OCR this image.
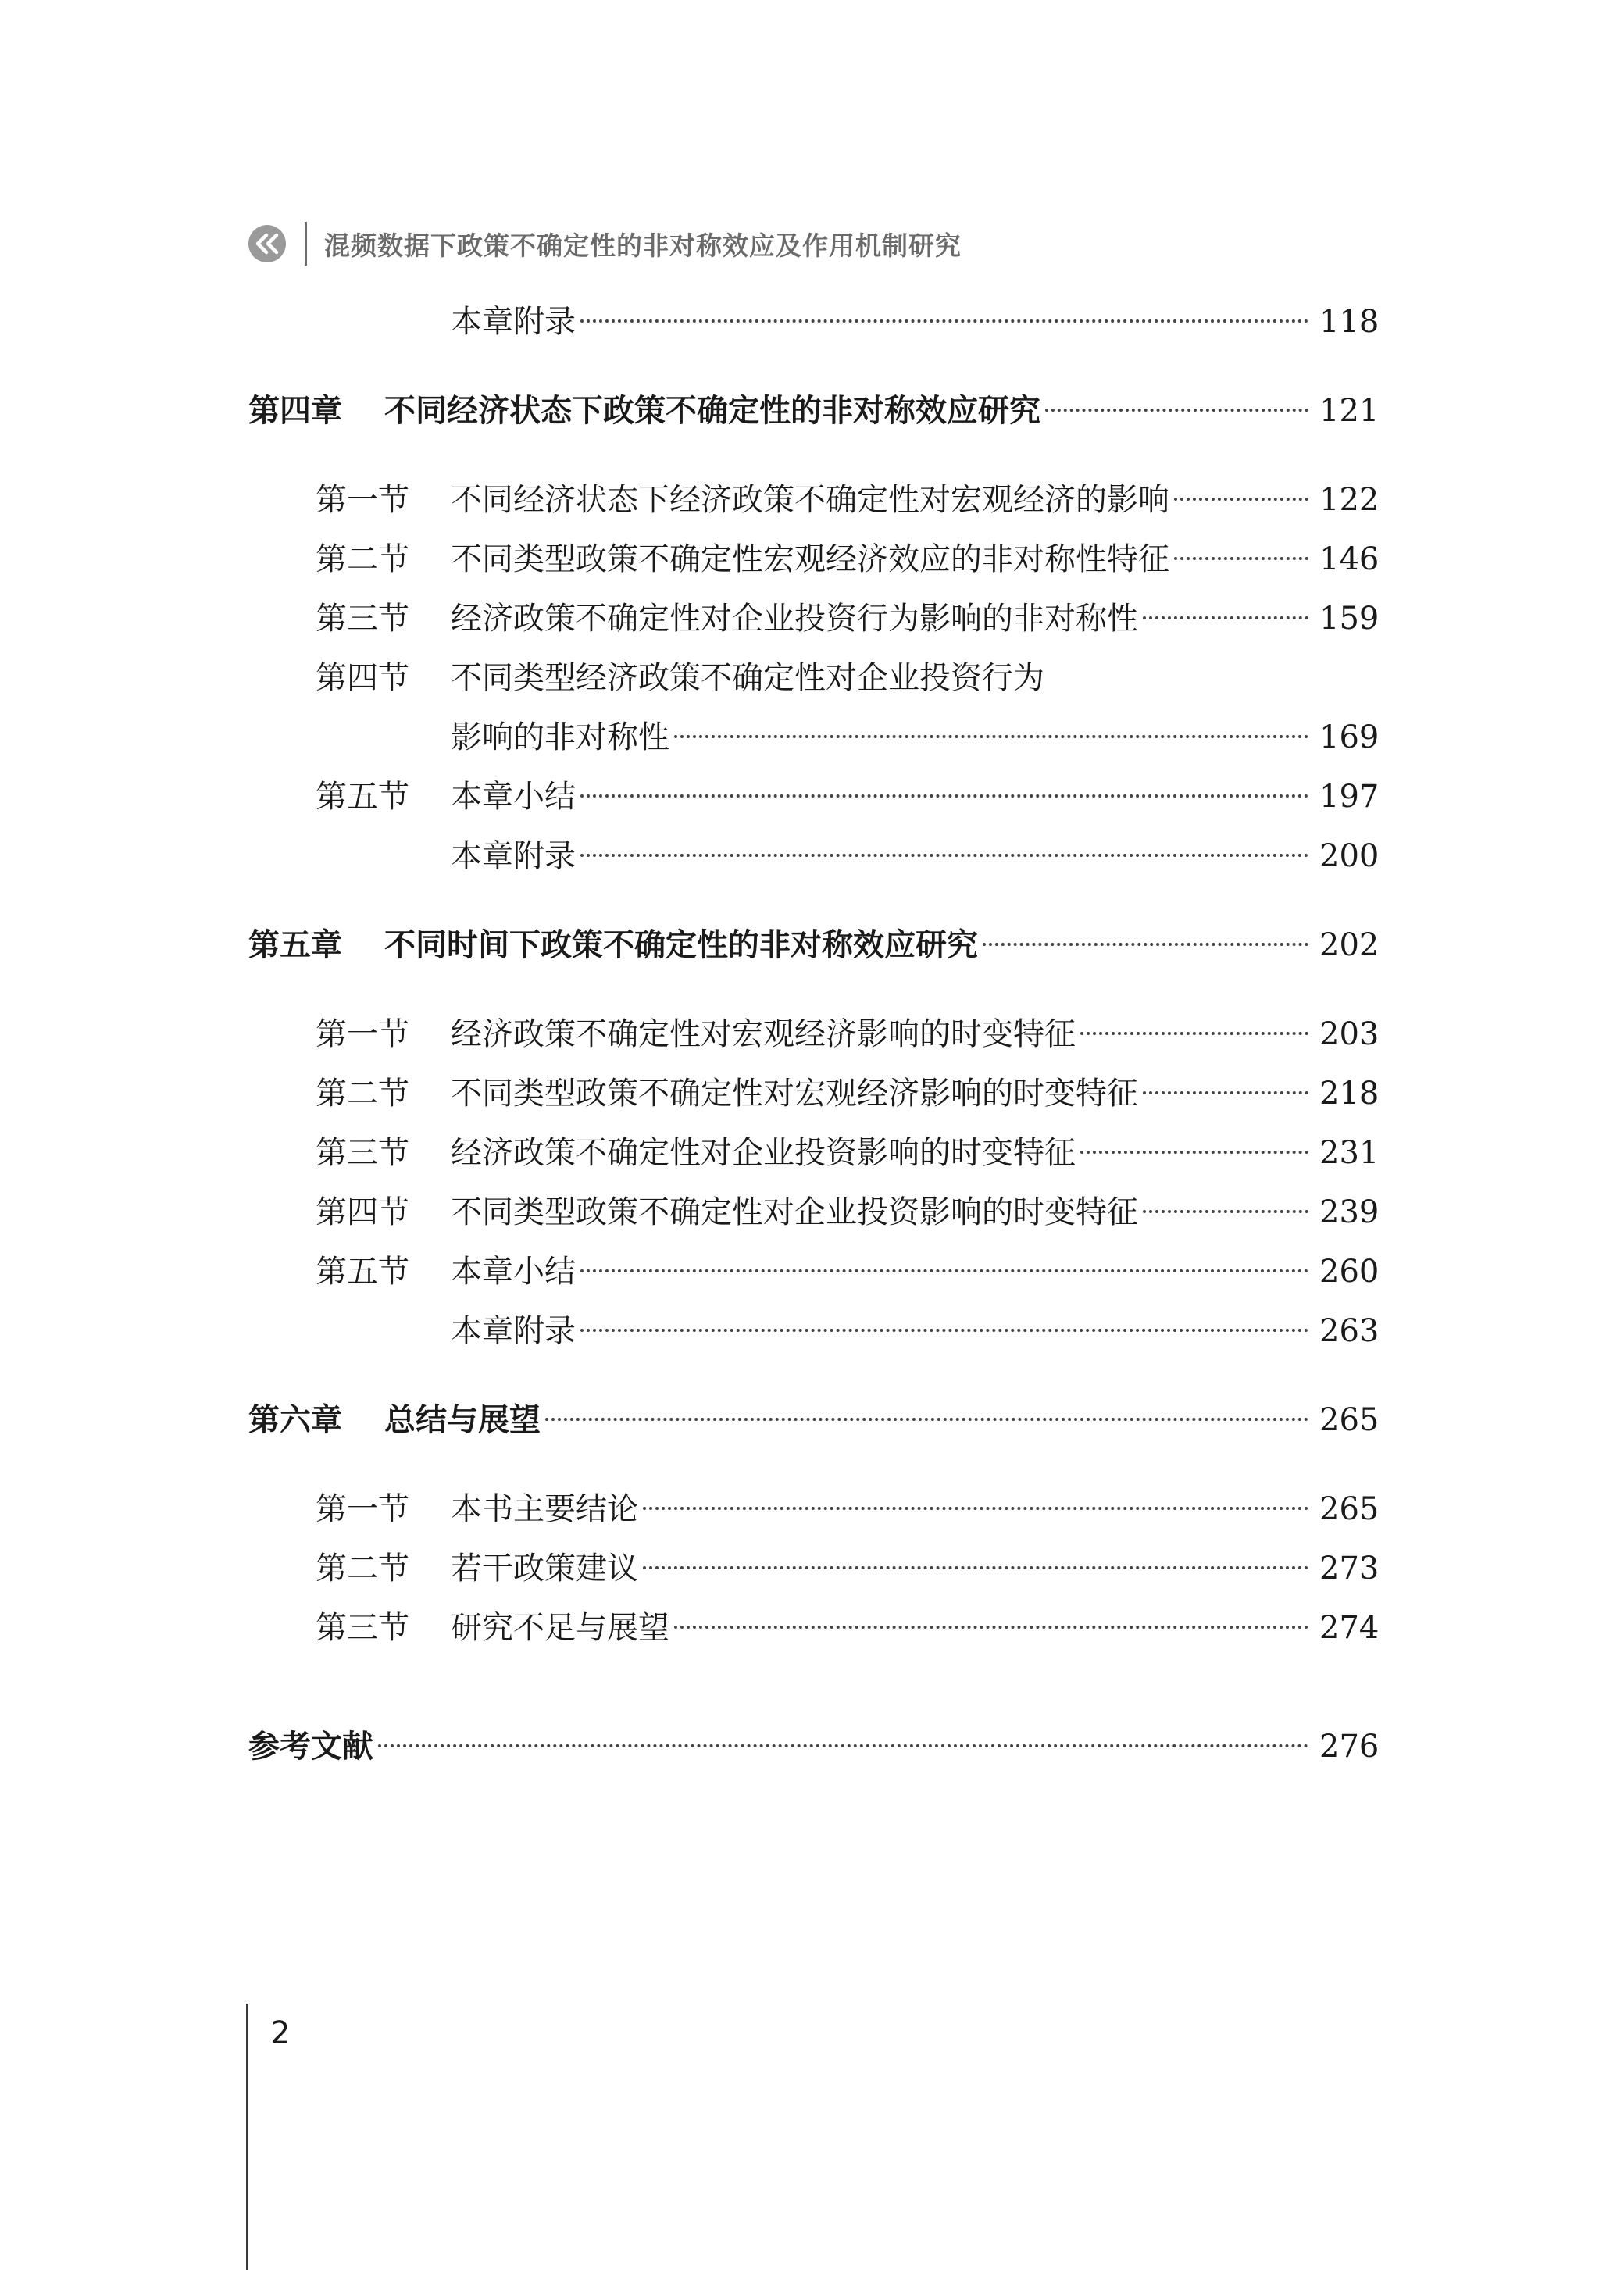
混频数据下政策不确定性的非对称效应及作用机制研究
本章附录	118
第四章	不同经济状态下政策不确定性的非对称效应研究	121
第一节	不同经济状态下经济政策不确定性对宏观经济的影响	122
第二节	不同类型政策不确定性宏观经济效应的非对称性特征	146
第三节	经济政策不确定性对企业投资行为影响的非对称性	159
第四节	不同类型经济政策不确定性对企业投资行为
影响的非对称性	169
第五节	本章小结	197
本章附录	200
第五章	不同时间下政策不确定性的非对称效应研究	202
第一节	经济政策不确定性对宏观经济影响的时变特征	203
第二节	不同类型政策不确定性对宏观经济影响的时变特征	218
第三节	经济政策不确定性对企业投资影响的时变特征	231
第四节	不同类型政策不确定性对企业投资影响的时变特征	239
第五节	本章小结	260
本章附录	263
第六章	总结与展望	265
第一节	本书主要结论	265
第二节	若干政策建议	273
第三节	研究不足与展望	274
参考文献	276
2
